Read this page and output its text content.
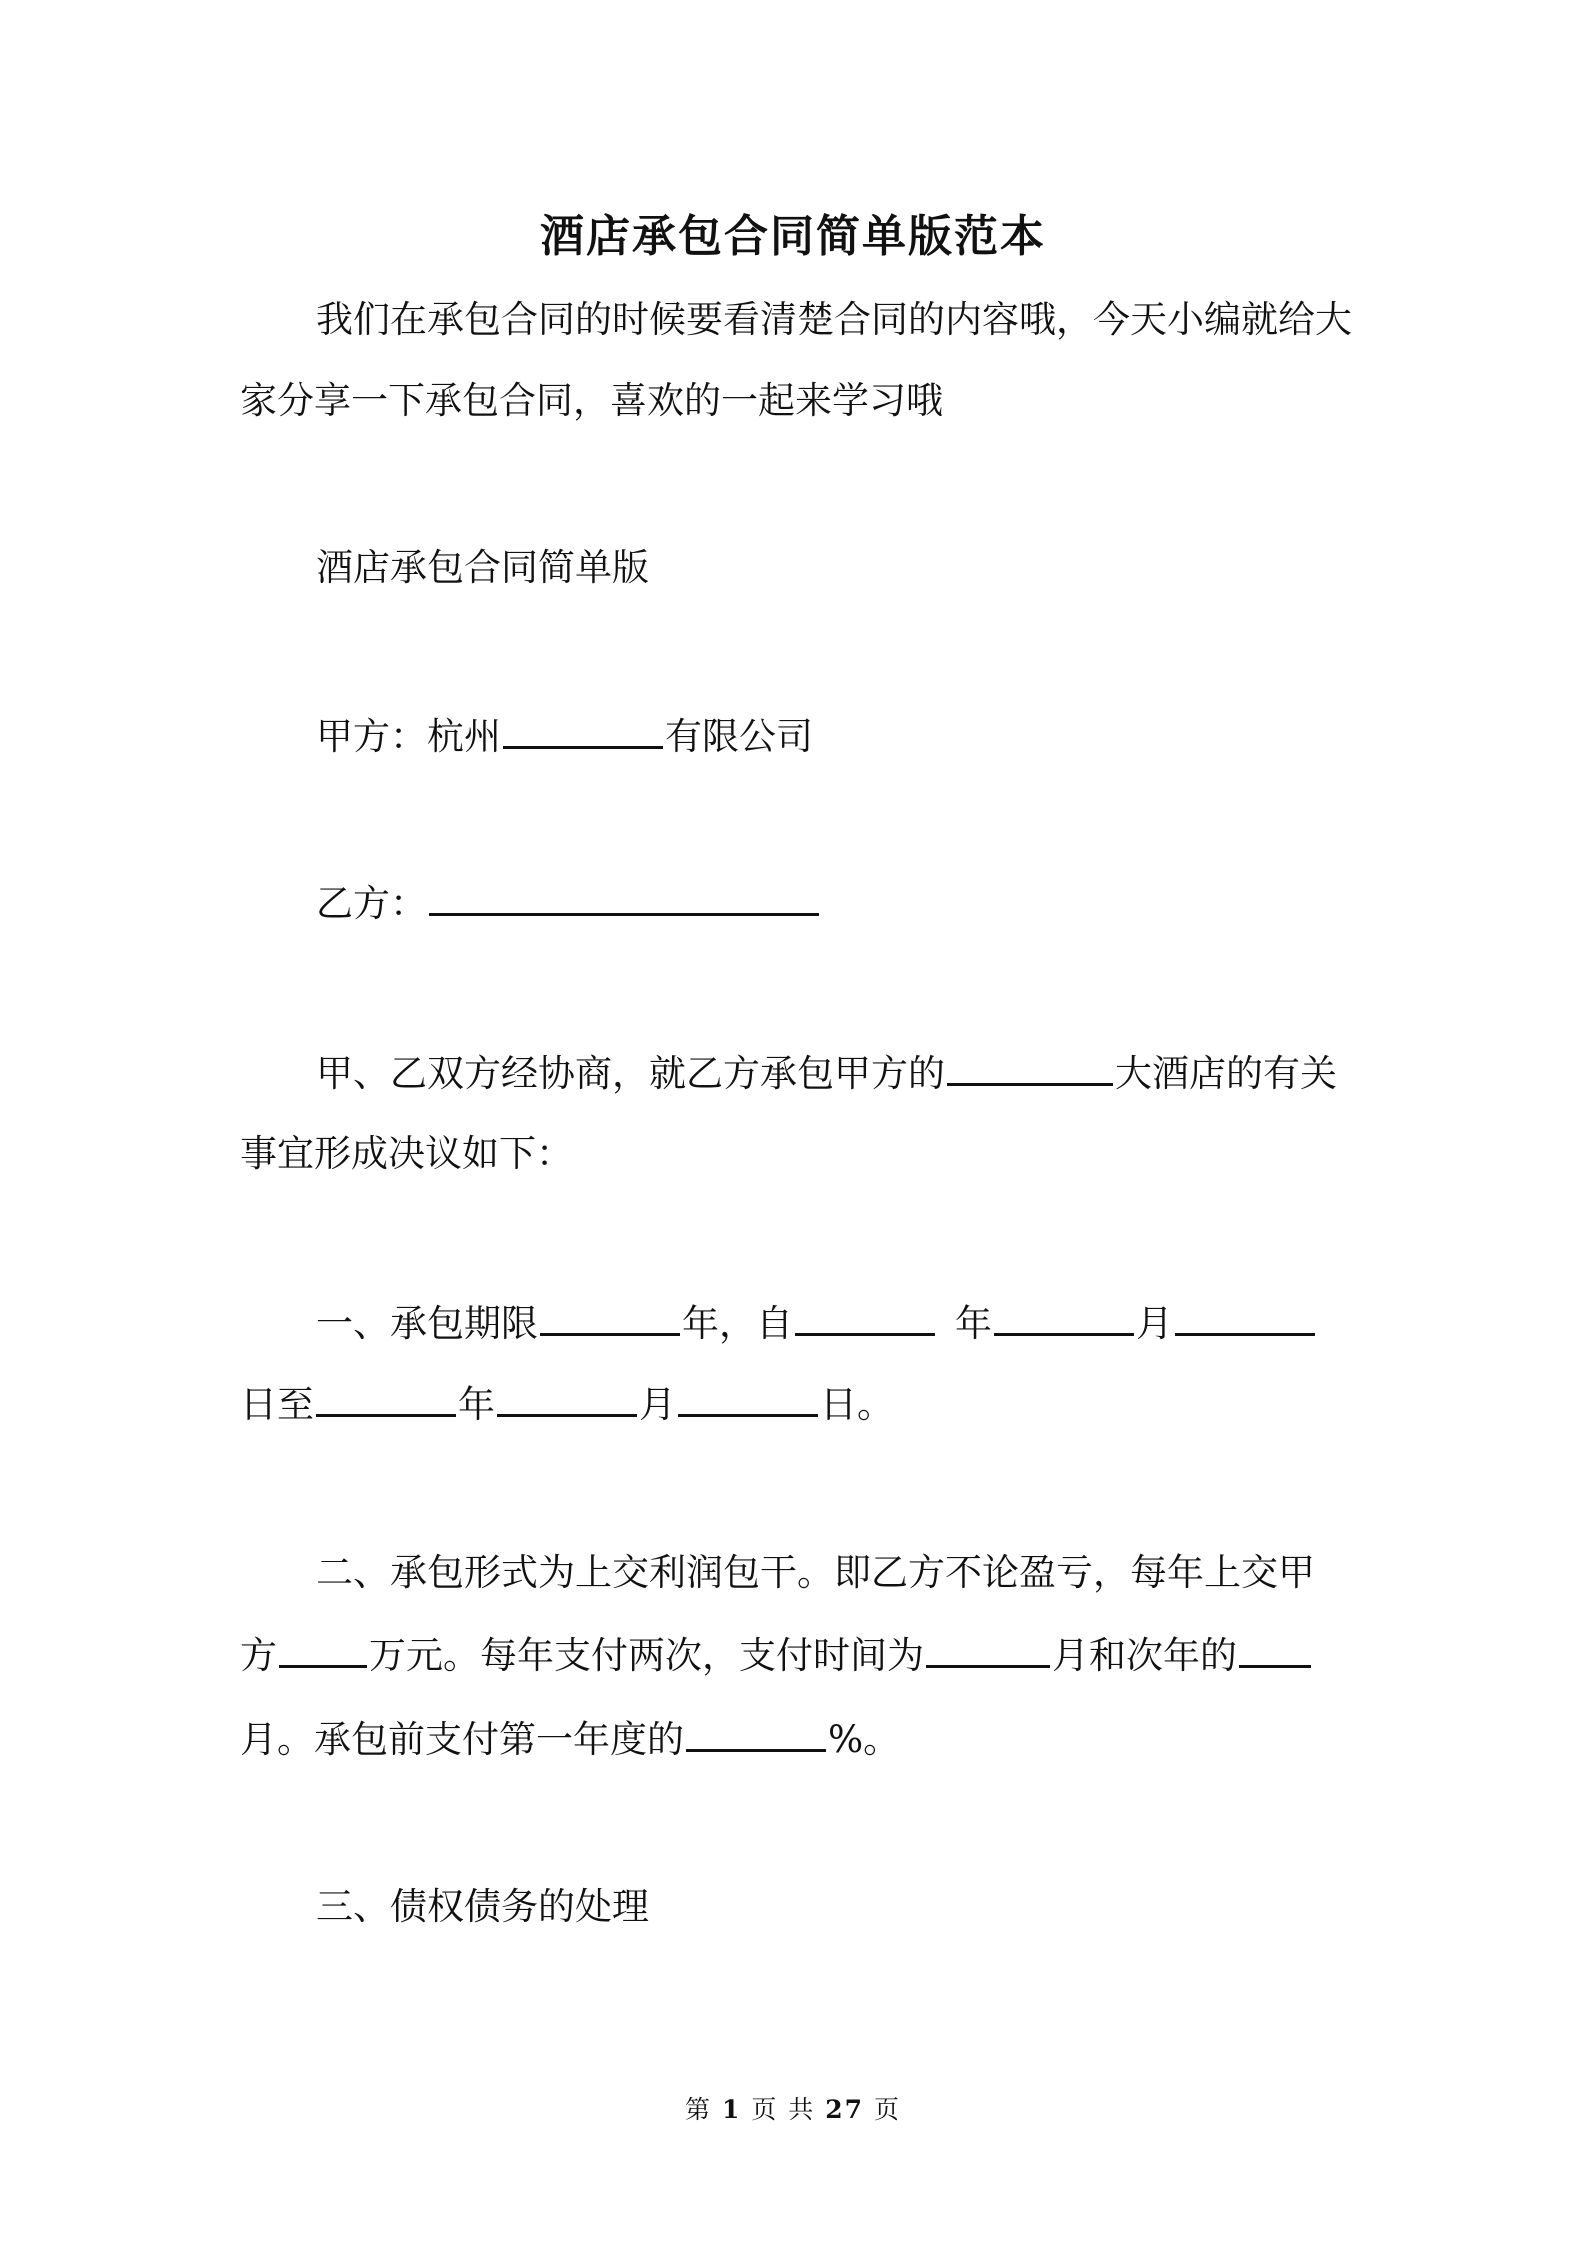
酒店承包合同简单版范本
我们在承包合同的时候要看清楚合同的内容哦，今天小编就给大
家分享一下承包合同，喜欢的一起来学习哦
酒店承包合同简单版
甲方：杭州	有限公司
乙方：
甲、乙双方经协商，就乙方承包甲方的	大酒店的有关
事宜形成决议如下：
一、承包期限	年，自	年	月
日至	年	月	日。
二、承包形式为上交利润包干。即乙方不论盈亏，每年上交甲
方 万元。每年支付两次，支付时间为	月和次年的
月。承包前支付第一年度的	%。
三、债权债务的处理
第 1 页 共 27 页
